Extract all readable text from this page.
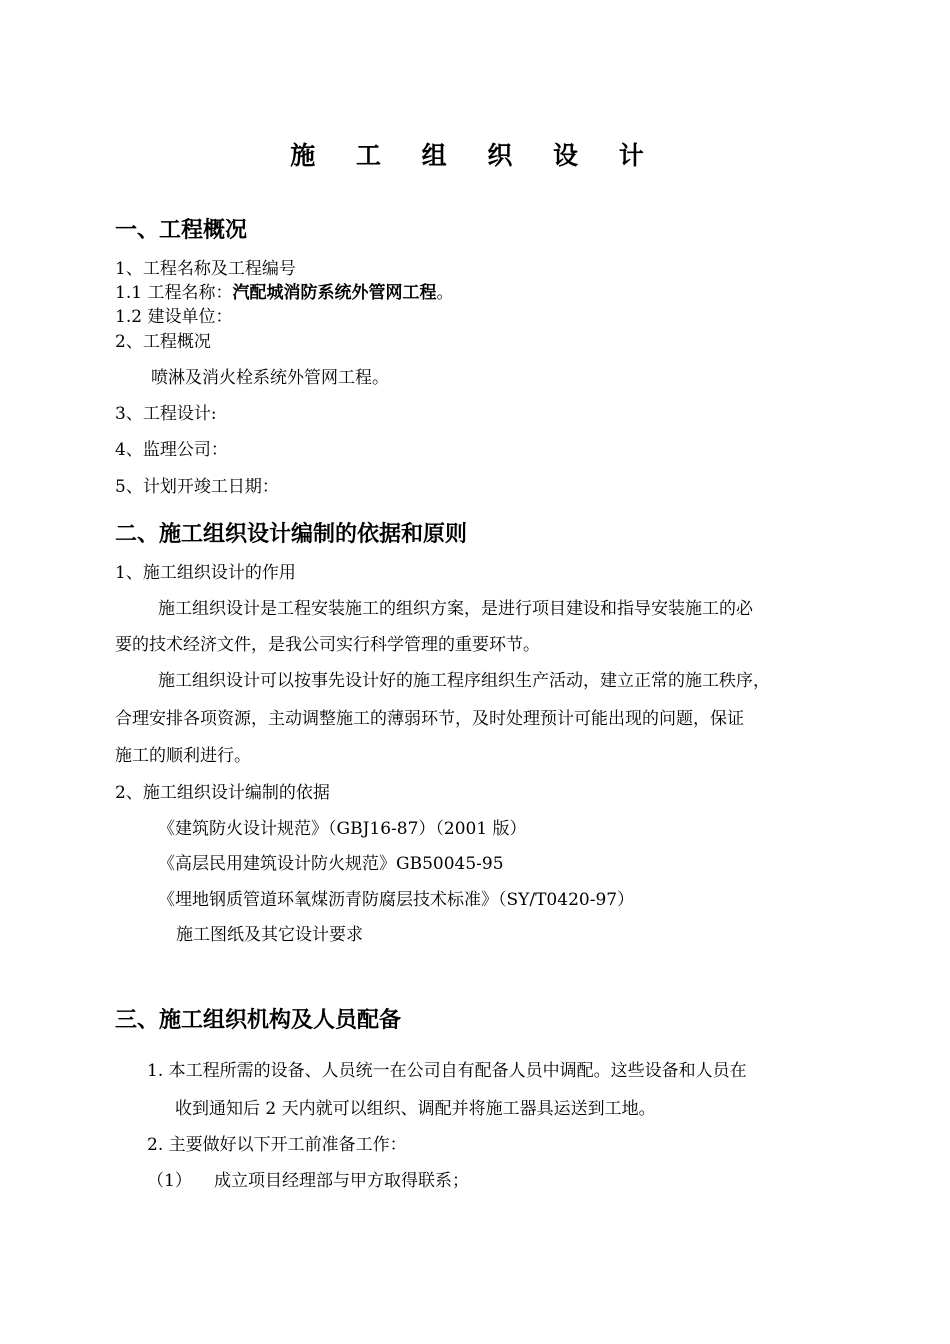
施 工 组 织 设 计
一、工程概况
1、工程名称及工程编号
1.1 工程名称：汽配城消防系统外管网工程。
1.2 建设单位：
2、工程概况
喷淋及消火栓系统外管网工程。
3、工程设计:
4、监理公司：
5、计划开竣工日期：
二、施工组织设计编制的依据和原则
1、施工组织设计的作用
施工组织设计是工程安装施工的组织方案，是进行项目建设和指导安装施工的必
要的技术经济文件，是我公司实行科学管理的重要环节。
施工组织设计可以按事先设计好的施工程序组织生产活动，建立正常的施工秩序，
合理安排各项资源，主动调整施工的薄弱环节，及时处理预计可能出现的问题，保证
施工的顺利进行。
2、施工组织设计编制的依据
《建筑防火设计规范》（GBJ16-87）（2001 版）
《高层民用建筑设计防火规范》GB50045-95
《埋地钢质管道环氧煤沥青防腐层技术标准》（SY/T0420-97）
施工图纸及其它设计要求
三、施工组织机构及人员配备
1. 本工程所需的设备、人员统一在公司自有配备人员中调配。这些设备和人员在
收到通知后 2 天内就可以组织、调配并将施工器具运送到工地。
2. 主要做好以下开工前准备工作：
（1） 成立项目经理部与甲方取得联系；
